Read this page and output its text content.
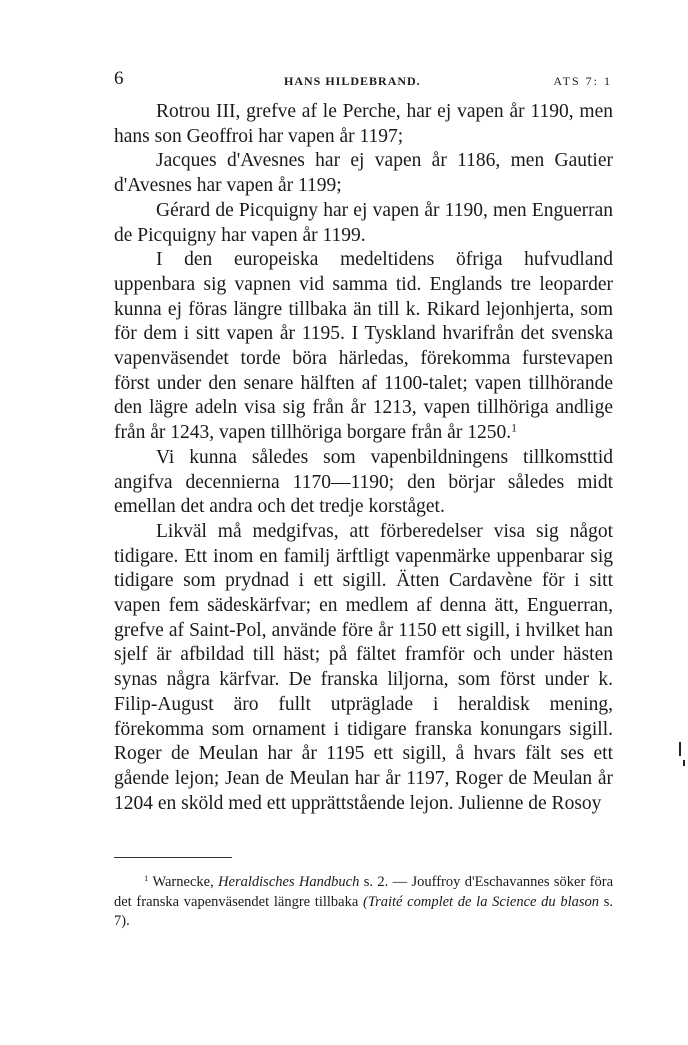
6	HANS HILDEBRAND.	ATS 7: 1

Rotrou III, grefve af le Perche, har ej vapen år 1190, men hans son Geoffroi har vapen år 1197;

Jacques d'Avesnes har ej vapen år 1186, men Gautier d'Avesnes har vapen år 1199;

Gérard de Picquigny har ej vapen år 1190, men Enguerran de Picquigny har vapen år 1199.

I den europeiska medeltidens öfriga hufvudland uppenbara sig vapnen vid samma tid. Englands tre leoparder kunna ej föras längre tillbaka än till k. Rikard lejonhjerta, som för dem i sitt vapen år 1195. I Tyskland hvarifrån det svenska vapenväsendet torde böra härledas, förekomma furstevapen först under den senare hälften af 1100-talet; vapen tillhörande den lägre adeln visa sig från år 1213, vapen tillhöriga andlige från år 1243, vapen tillhöriga borgare från år 1250.$^1$

Vi kunna således som vapenbildningens tillkomsttid angifva decennierna 1170—1190; den börjar således midt emellan det andra och det tredje korståget.

Likväl må medgifvas, att förberedelser visa sig något tidigare. Ett inom en familj ärftligt vapenmärke uppenbarar sig tidigare som prydnad i ett sigill. Ätten Cardavène för i sitt vapen fem sädeskärfvar; en medlem af denna ätt, Enguerran, grefve af Saint-Pol, använde före år 1150 ett sigill, i hvilket han sjelf är afbildad till häst; på fältet framför och under hästen synas några kärfvar. De franska liljorna, som först under k. Filip-August äro fullt utpräglade i heraldisk mening, förekomma som ornament i tidigare franska konungars sigill. Roger de Meulan har år 1195 ett sigill, å hvars fält ses ett gående lejon; Jean de Meulan har år 1197, Roger de Meulan år 1204 en sköld med ett upprättstående lejon. Julienne de Rosoy

$^1$ Warnecke, Heraldisches Handbuch s. 2. — Jouffroy d'Eschavannes söker föra det franska vapenväsendet längre tillbaka (Traité complet de la Science du blason s. 7).
